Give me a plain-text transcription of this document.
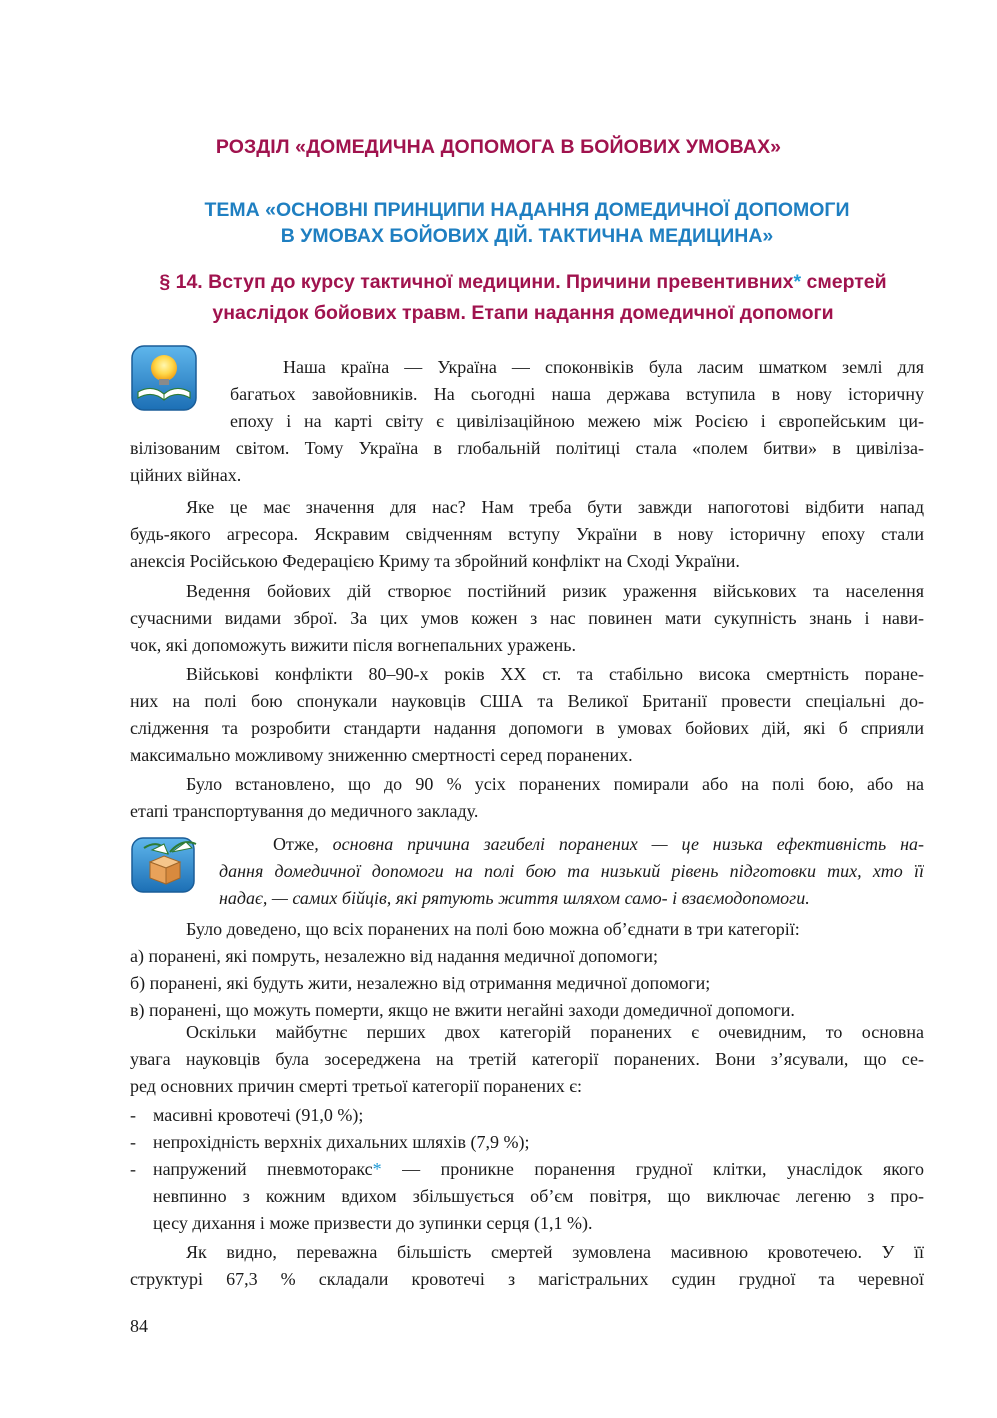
РОЗДІЛ «ДОМЕДИЧНА ДОПОМОГА В БОЙОВИХ УМОВАХ»
ТЕМА «ОСНОВНІ ПРИНЦИПИ НАДАННЯ ДОМЕДИЧНОЇ ДОПОМОГИ
В УМОВАХ БОЙОВИХ ДІЙ. ТАКТИЧНА МЕДИЦИНА»
§ 14. Вступ до курсу тактичної медицини. Причини превентивних* смертей
унаслідок бойових травм. Етапи надання домедичної допомоги
Наша країна — Україна — споконвіків була ласим шматком землі для
багатьох завойовників. На сьогодні наша держава вступила в нову історичну
епоху і на карті світу є цивілізаційною межею між Росією і європейським ци-
вілізованим світом. Тому Україна в глобальній політиці стала «полем битви» в цивіліза-
ційних війнах.
Яке це має значення для нас? Нам треба бути завжди напоготові відбити напад
будь-якого агресора. Яскравим свідченням вступу України в нову історичну епоху стали
анексія Російською Федерацією Криму та збройний конфлікт на Сході України.
Ведення бойових дій створює постійний ризик ураження військових та населення
сучасними видами зброї. За цих умов кожен з нас повинен мати сукупність знань і нави-
чок, які допоможуть вижити після вогнепальних уражень.
Військові конфлікти 80–90-х років XX ст. та стабільно висока смертність поране-
них на полі бою спонукали науковців США та Великої Британії провести спеціальні до-
слідження та розробити стандарти надання допомоги в умовах бойових дій, які б сприяли
максимально можливому зниженню смертності серед поранених.
Було встановлено, що до 90 % усіх поранених помирали або на полі бою, або на
етапі транспортування до медичного закладу.
Отже, основна причина загибелі поранених — це низька ефективність на-
дання домедичної допомоги на полі бою та низький рівень підготовки тих, хто її
надає, — самих бійців, які рятують життя шляхом само- і взаємодопомоги.
Було доведено, що всіх поранених на полі бою можна об’єднати в три категорії:
а) поранені, які помруть, незалежно від надання медичної допомоги;
б) поранені, які будуть жити, незалежно від отримання медичної допомоги;
в) поранені, що можуть померти, якщо не вжити негайні заходи домедичної допомоги.
Оскільки майбутнє перших двох категорій поранених є очевидним, то основна
увага науковців була зосереджена на третій категорії поранених. Вони з’ясували, що се-
ред основних причин смерті третьої категорії поранених є:
- масивні кровотечі (91,0 %);
- непрохідність верхніх дихальних шляхів (7,9 %);
- напружений пневмоторакс* — проникне поранення грудної клітки, унаслідок якого
невпинно з кожним вдихом збільшується об’єм повітря, що виключає легеню з про-
цесу дихання і може призвести до зупинки серця (1,1 %).
Як видно, переважна більшість смертей зумовлена масивною кровотечею. У її
структурі 67,3 % складали кровотечі з магістральних судин грудної та черевної
84
